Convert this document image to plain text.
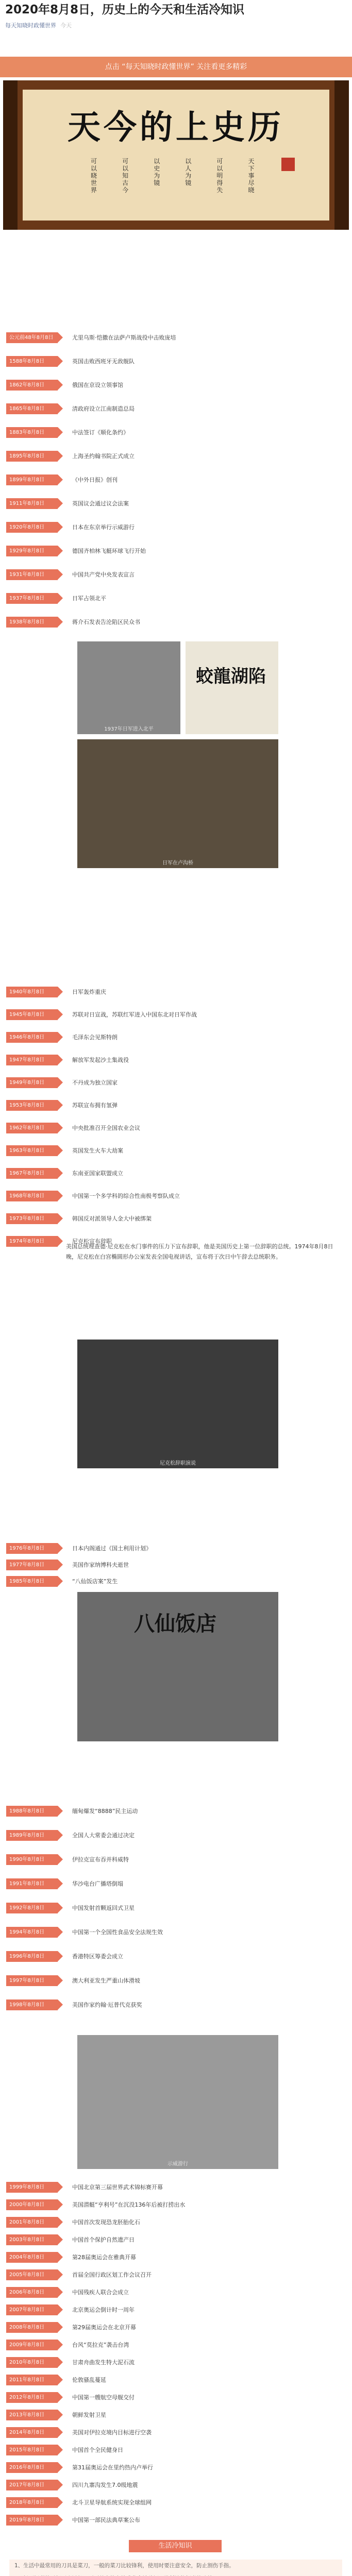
2020年8月8日，历史上的今天和生活冷知识
每天知晓时政懂世界 今天
点击 “每天知晓时政懂世界” 关注看更多精彩
天今的上史历
可以晓世界 可以知古今 以史为镜 以人为镜 可以明得失 天下事尽晓
公元前48年8月8日	尤里乌斯·恺撒在法萨卢斯战役中击败庞培
1588年8月8日	英国击败西班牙无敌舰队
1862年8月8日	俄国在京设立领事馆
1865年8月8日	清政府设立江南制造总局
1883年8月8日	中法签订《顺化条约》
1895年8月8日	上海圣约翰书院正式成立
1899年8月8日	《中外日报》创刊
1911年8月8日	英国议会通过议会法案
1920年8月8日	日本在东京举行示威游行
1929年8月8日	德国齐柏林飞艇环球飞行开始
1931年8月8日	中国共产党中央发表宣言
1937年8月8日	日军占领北平
1938年8月8日	蒋介石发表告沦陷区民众书
1937年日军进入北平
蛟龍湖陷
日军在卢沟桥
1940年8月8日	日军轰炸重庆
1945年8月8日	苏联对日宣战，苏联红军进入中国东北对日军作战
1946年8月8日	毛泽东会见斯特朗
1947年8月8日	解放军发起沙土集战役
1949年8月8日	不丹成为独立国家
1953年8月8日	苏联宣布拥有氢弹
1962年8月8日	中央批准召开全国农业会议
1963年8月8日	英国发生火车大劫案
1967年8月8日	东南亚国家联盟成立
1968年8月8日	中国第一个多学科的综合性南极考察队成立
1973年8月8日	韩国反对派领导人金大中被绑架
1974年8月8日	尼克松宣布辞职
美国总统理查德·尼克松在水门事件的压力下宣布辞职，他是美国历史上第一位辞职的总统。1974年8月8日晚，尼克松在白宫椭圆形办公室发表全国电视讲话，宣布将于次日中午辞去总统职务。
尼克松辞职演说
1976年8月8日	日本内阁通过《国土利用计划》
1977年8月8日	美国作家纳博科夫逝世
1985年8月8日	“八仙饭店案”发生
八仙饭店
1988年8月8日	缅甸爆发“8888”民主运动
1989年8月8日	全国人大常委会通过决定
1990年8月8日	伊拉克宣布吞并科威特
1991年8月8日	华沙电台广播塔倒塌
1992年8月8日	中国发射首颗返回式卫星
1994年8月8日	中国第一个全国性食品安全法规生效
1996年8月8日	香港特区筹委会成立
1997年8月8日	澳大利亚发生严重山体滑坡
1998年8月8日	美国作家约翰·厄普代克获奖
示威游行
1999年8月8日	中国北京第三届世界武术锦标赛开幕
2000年8月8日	美国潜艇“亨利号”在沉没136年后被打捞出水
2001年8月8日	中国首次发现恐龙胚胎化石
2003年8月8日	中国首个保护自然遗产日
2004年8月8日	第28届奥运会在雅典开幕
2005年8月8日	首届全国行政区划工作会议召开
2006年8月8日	中国残疾人联合会成立
2007年8月8日	北京奥运会倒计时一周年
2008年8月8日	第29届奥运会在北京开幕
2009年8月8日	台风“莫拉克”袭击台湾
2010年8月8日	甘肃舟曲发生特大泥石流
2011年8月8日	伦敦骚乱蔓延
2012年8月8日	中国第一艘航空母舰交付
2013年8月8日	朝鲜发射卫星
2014年8月8日	美国对伊拉克境内目标进行空袭
2015年8月8日	中国首个全民健身日
2016年8月8日	第31届奥运会在里约热内卢举行
2017年8月8日	四川九寨沟发生7.0级地震
2018年8月8日	北斗卫星导航系统实现全球组网
2019年8月8日	中国第一部民法典草案公布
生活冷知识
1、生活中最常用的刀具是菜刀，一般的菜刀比较锋利，使用时要注意安全，防止割伤手指。
